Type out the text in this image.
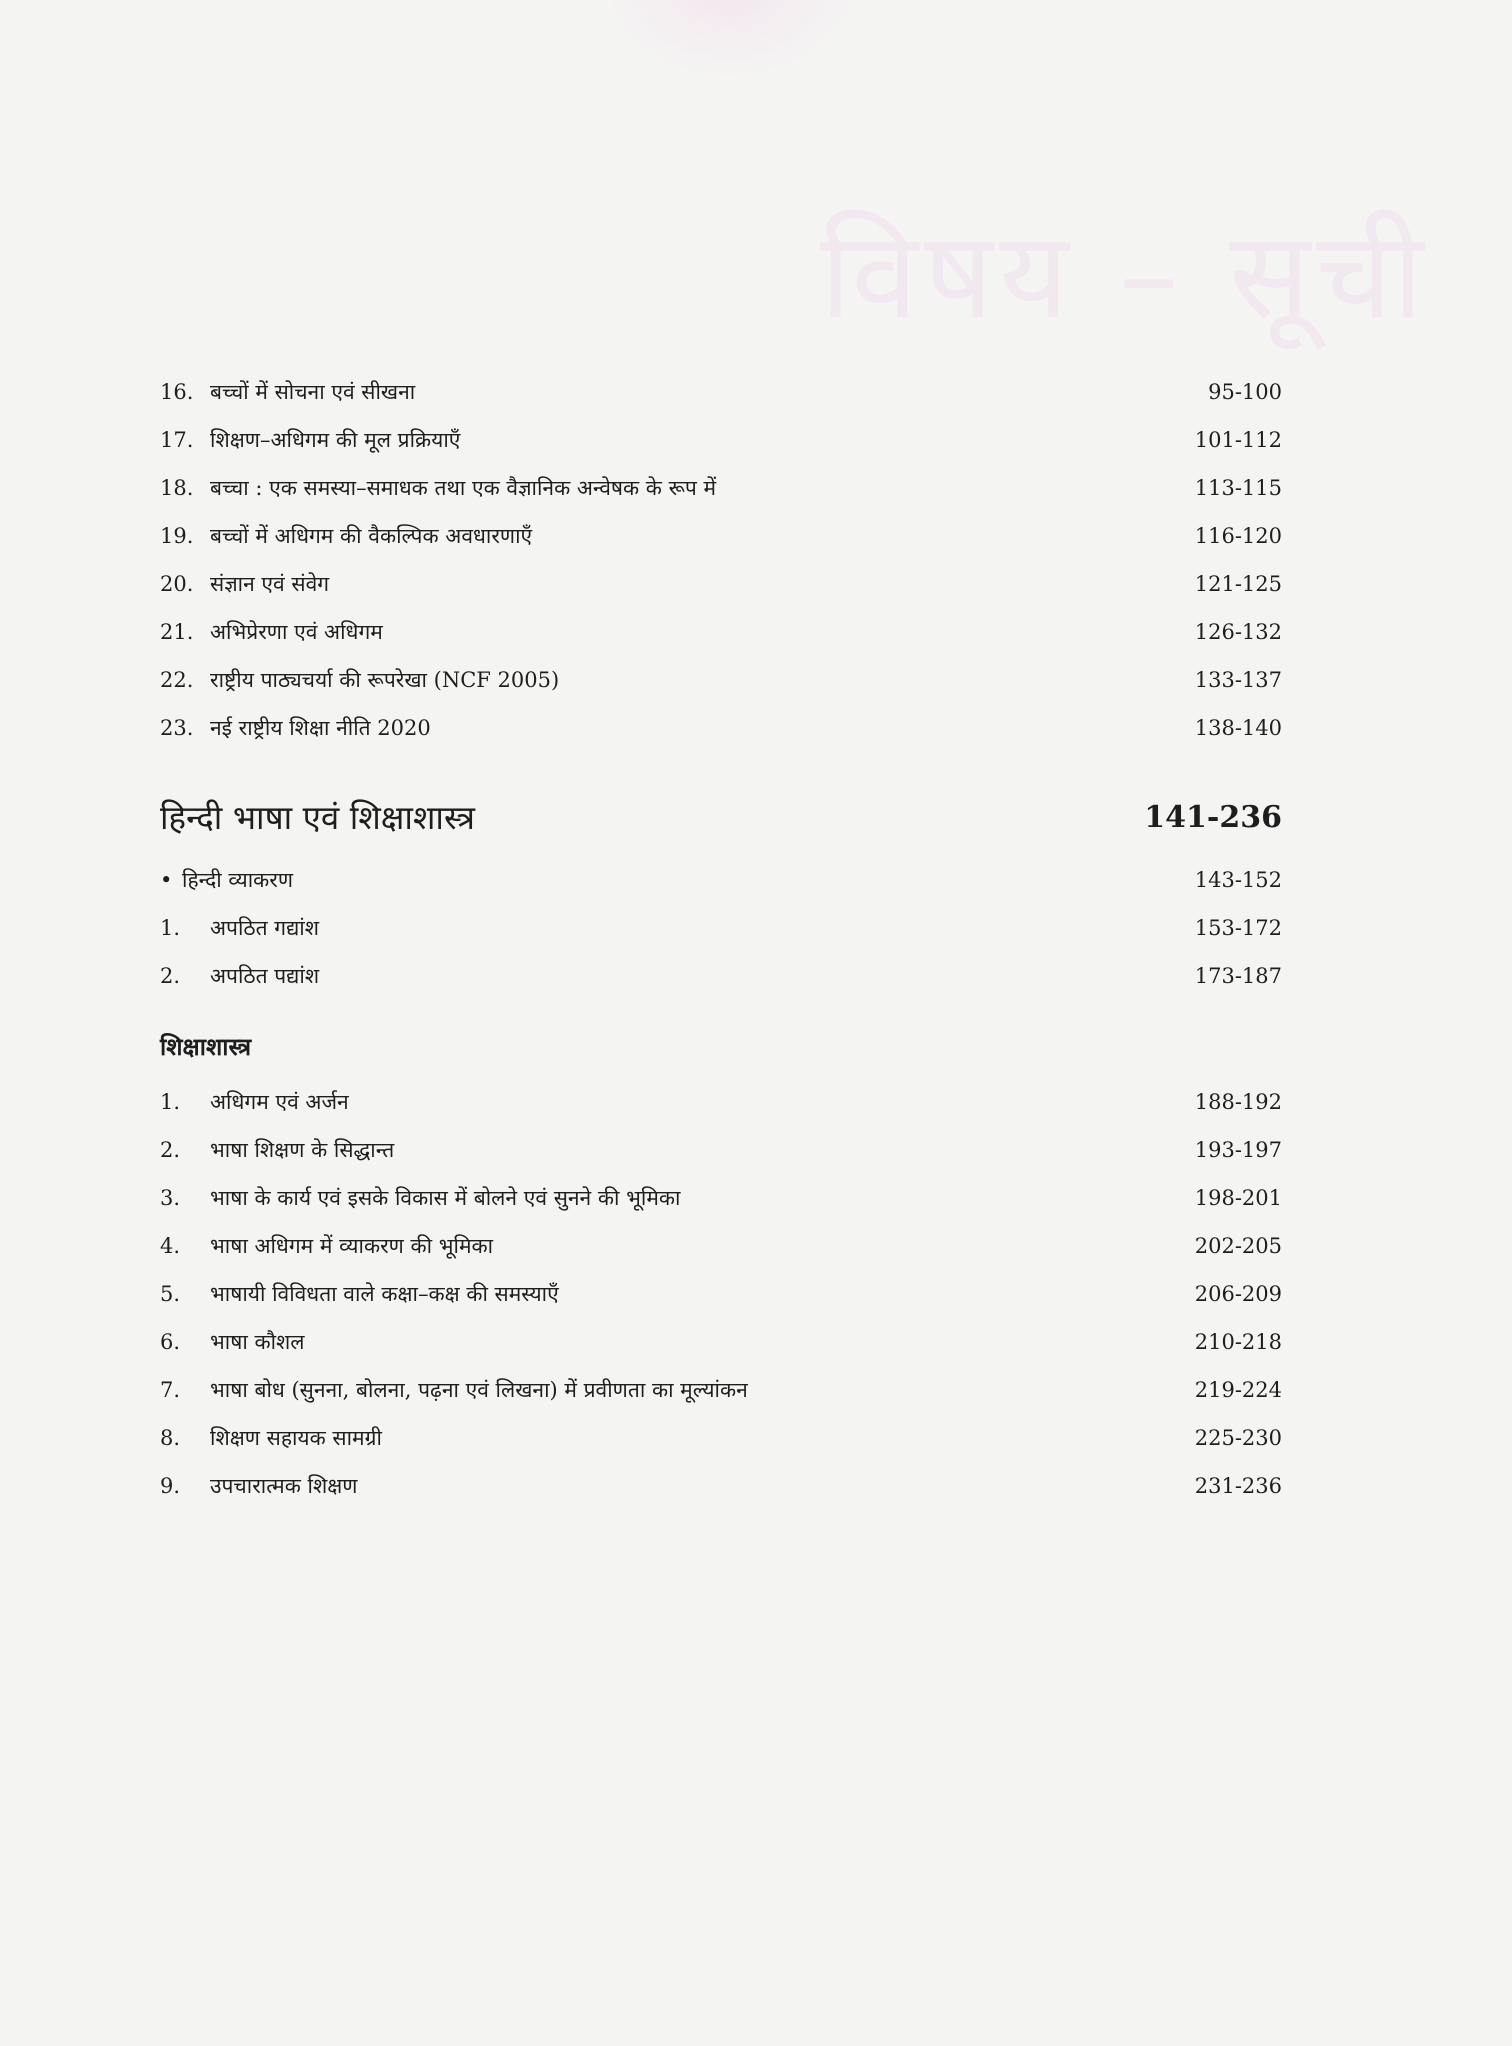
विषय – सूची
16. बच्चों में सोचना एवं सीखना	95-100
17. शिक्षण–अधिगम की मूल प्रक्रियाएँ	101-112
18. बच्चा : एक समस्या–समाधक तथा एक वैज्ञानिक अन्वेषक के रूप में	113-115
19. बच्चों में अधिगम की वैकल्पिक अवधारणाएँ	116-120
20. संज्ञान एवं संवेग	121-125
21. अभिप्रेरणा एवं अधिगम	126-132
22. राष्ट्रीय पाठ्यचर्या की रूपरेखा (NCF 2005)	133-137
23. नई राष्ट्रीय शिक्षा नीति 2020	138-140
हिन्दी भाषा एवं शिक्षाशास्त्र	141-236
• हिन्दी व्याकरण	143-152
1. अपठित गद्यांश	153-172
2. अपठित पद्यांश	173-187
शिक्षाशास्त्र
1. अधिगम एवं अर्जन	188-192
2. भाषा शिक्षण के सिद्धान्त	193-197
3. भाषा के कार्य एवं इसके विकास में बोलने एवं सुनने की भूमिका	198-201
4. भाषा अधिगम में व्याकरण की भूमिका	202-205
5. भाषायी विविधता वाले कक्षा–कक्ष की समस्याएँ	206-209
6. भाषा कौशल	210-218
7. भाषा बोध (सुनना, बोलना, पढ़ना एवं लिखना) में प्रवीणता का मूल्यांकन	219-224
8. शिक्षण सहायक सामग्री	225-230
9. उपचारात्मक शिक्षण	231-236
